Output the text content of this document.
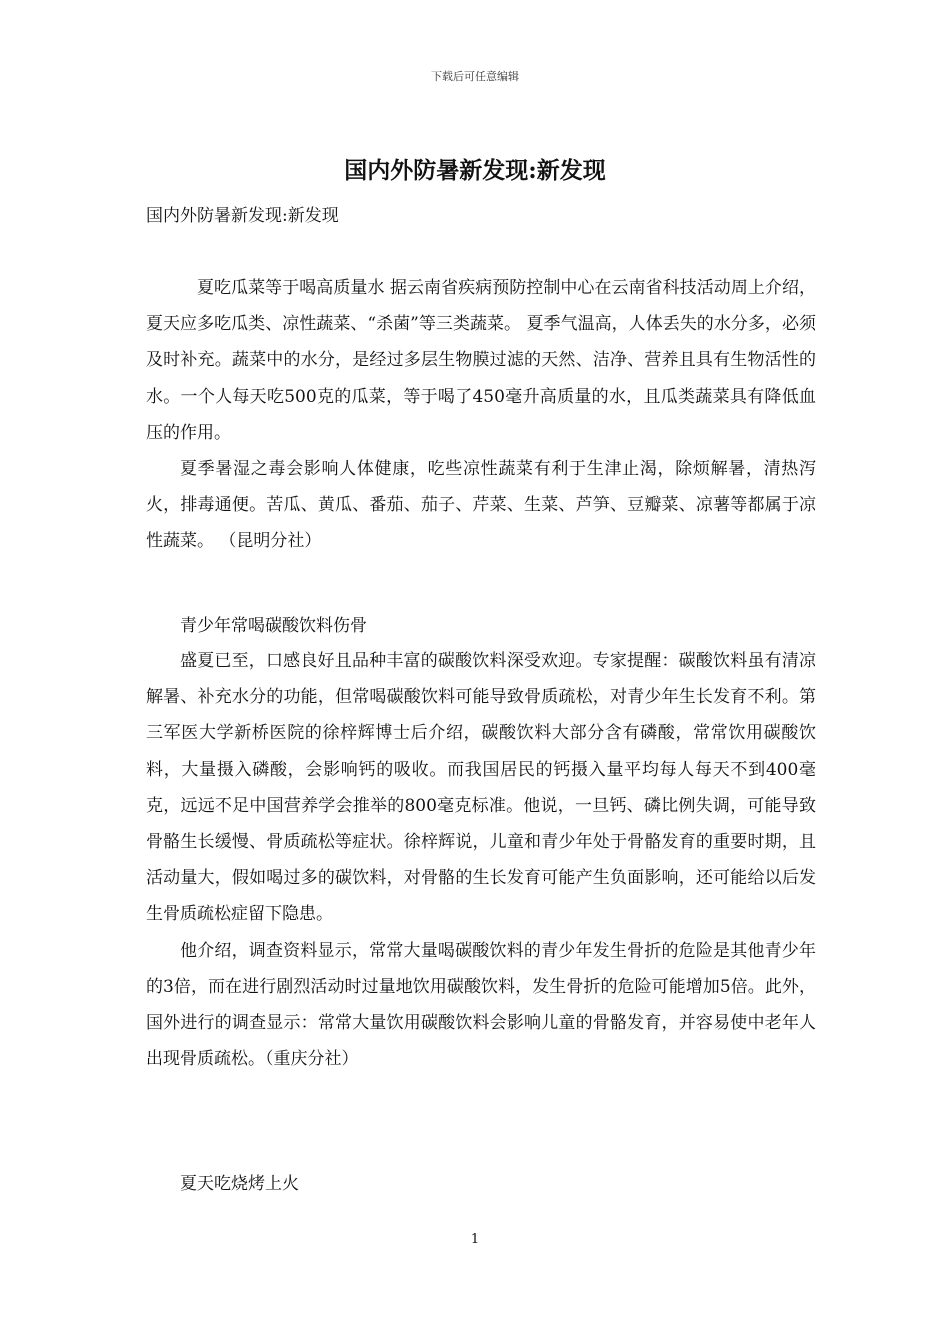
下载后可任意编辑
国内外防暑新发现:新发现
国内外防暑新发现:新发现

夏吃瓜菜等于喝高质量水 据云南省疾病预防控制中心在云南省科技活动周上介绍，夏天应多吃瓜类、凉性蔬菜、“杀菌”等三类蔬菜。 夏季气温高，人体丢失的水分多，必须及时补充。蔬菜中的水分，是经过多层生物膜过滤的天然、洁净、营养且具有生物活性的水。一个人每天吃500克的瓜菜，等于喝了450毫升高质量的水，且瓜类蔬菜具有降低血压的作用。

夏季暑湿之毒会影响人体健康，吃些凉性蔬菜有利于生津止渴，除烦解暑，清热泻火，排毒通便。苦瓜、黄瓜、番茄、茄子、芹菜、生菜、芦笋、豆瓣菜、凉薯等都属于凉性蔬菜。 （昆明分社）

青少年常喝碳酸饮料伤骨

盛夏已至，口感良好且品种丰富的碳酸饮料深受欢迎。专家提醒：碳酸饮料虽有清凉解暑、补充水分的功能，但常喝碳酸饮料可能导致骨质疏松，对青少年生长发育不利。第三军医大学新桥医院的徐梓辉博士后介绍，碳酸饮料大部分含有磷酸，常常饮用碳酸饮料，大量摄入磷酸，会影响钙的吸收。而我国居民的钙摄入量平均每人每天不到400毫克，远远不足中国营养学会推举的800毫克标准。他说，一旦钙、磷比例失调，可能导致骨骼生长缓慢、骨质疏松等症状。徐梓辉说，儿童和青少年处于骨骼发育的重要时期，且活动量大，假如喝过多的碳饮料，对骨骼的生长发育可能产生负面影响，还可能给以后发生骨质疏松症留下隐患。

他介绍，调查资料显示，常常大量喝碳酸饮料的青少年发生骨折的危险是其他青少年的3倍，而在进行剧烈活动时过量地饮用碳酸饮料，发生骨折的危险可能增加5倍。此外，国外进行的调查显示：常常大量饮用碳酸饮料会影响儿童的骨骼发育，并容易使中老年人出现骨质疏松。（重庆分社）

夏天吃烧烤上火
1
